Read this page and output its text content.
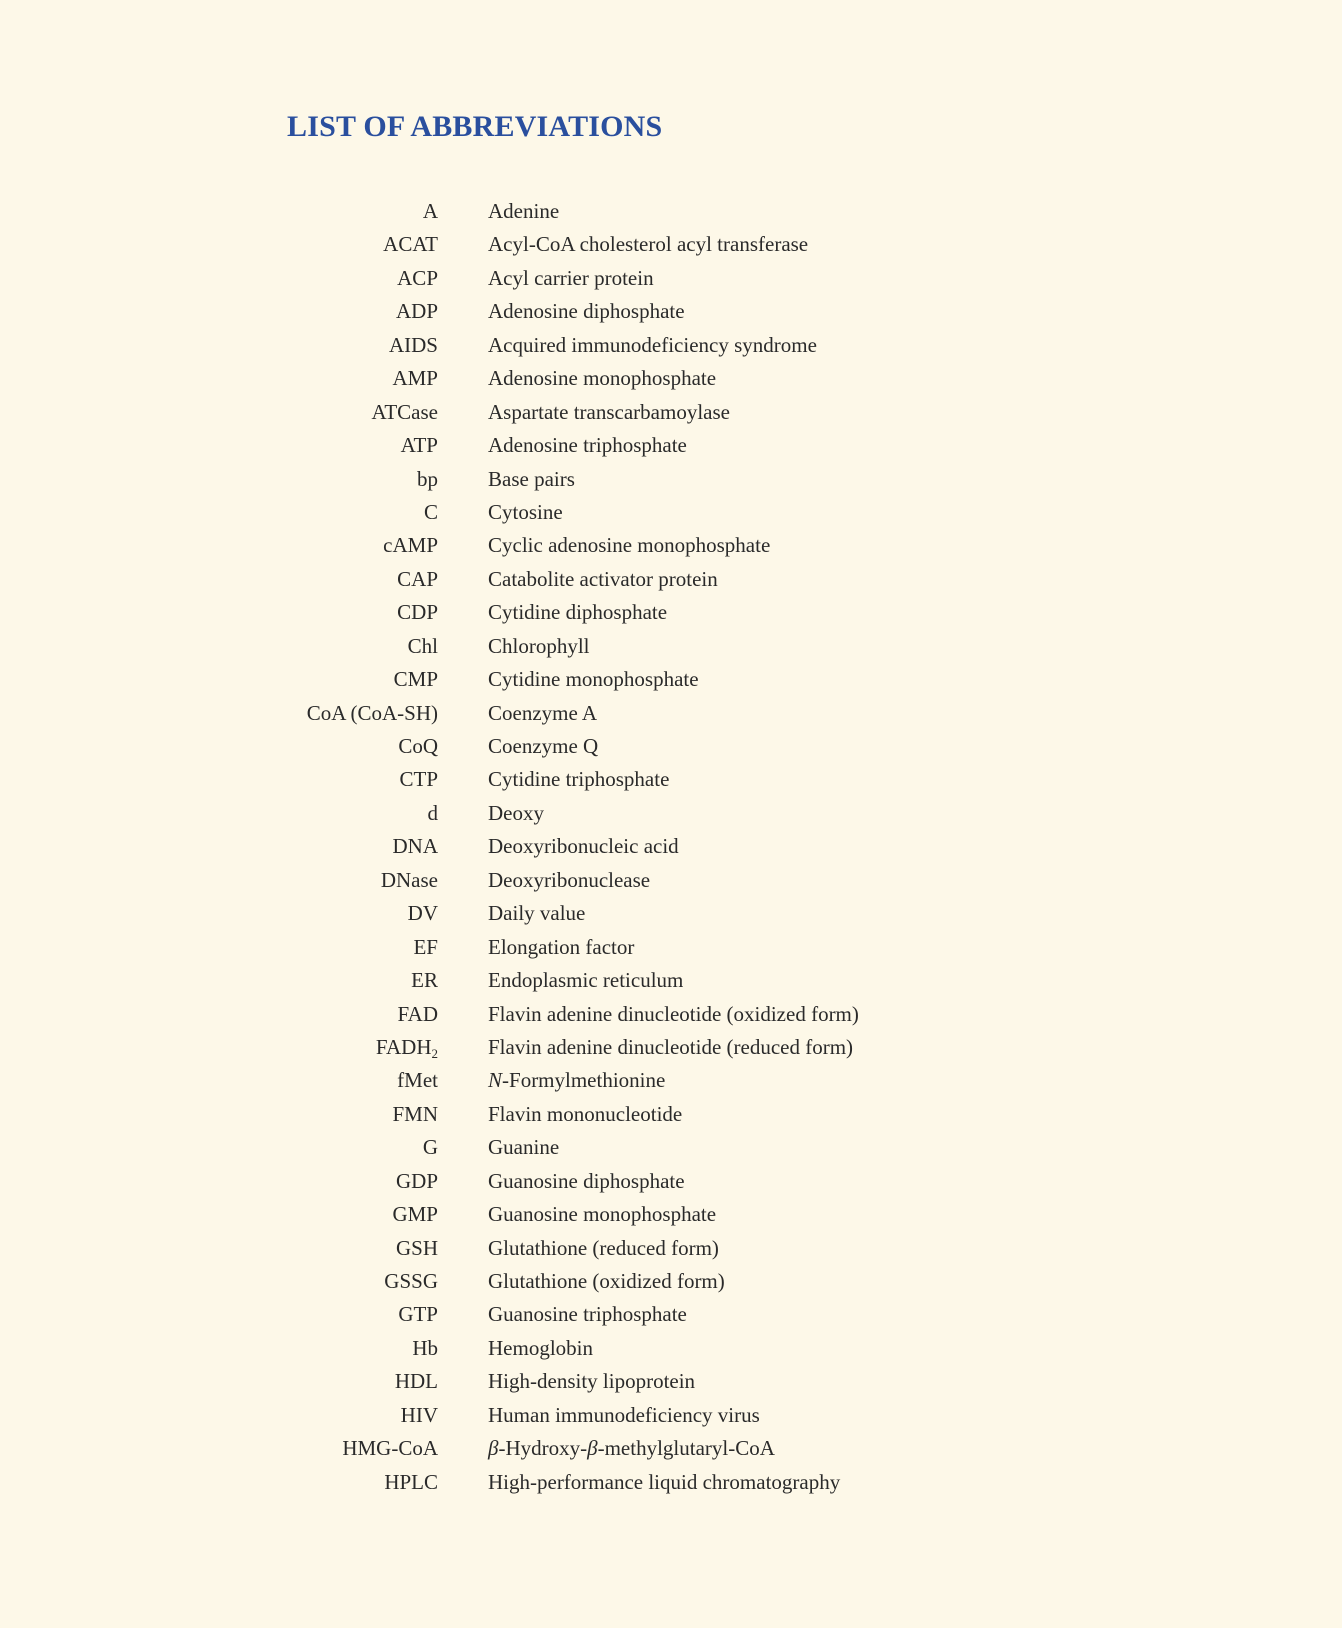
LIST OF ABBREVIATIONS
A Adenine
ACAT Acyl-CoA cholesterol acyl transferase
ACP Acyl carrier protein
ADP Adenosine diphosphate
AIDS Acquired immunodeficiency syndrome
AMP Adenosine monophosphate
ATCase Aspartate transcarbamoylase
ATP Adenosine triphosphate
bp Base pairs
C Cytosine
cAMP Cyclic adenosine monophosphate
CAP Catabolite activator protein
CDP Cytidine diphosphate
Chl Chlorophyll
CMP Cytidine monophosphate
CoA (CoA-SH) Coenzyme A
CoQ Coenzyme Q
CTP Cytidine triphosphate
d Deoxy
DNA Deoxyribonucleic acid
DNase Deoxyribonuclease
DV Daily value
EF Elongation factor
ER Endoplasmic reticulum
FAD Flavin adenine dinucleotide (oxidized form)
$FADH_2$ Flavin adenine dinucleotide (reduced form)
fMet N-Formylmethionine
FMN Flavin mononucleotide
G Guanine
GDP Guanosine diphosphate
GMP Guanosine monophosphate
GSH Glutathione (reduced form)
GSSG Glutathione (oxidized form)
GTP Guanosine triphosphate
Hb Hemoglobin
HDL High-density lipoprotein
HIV Human immunodeficiency virus
HMG-CoA β-Hydroxy-β-methylglutaryl-CoA
HPLC High-performance liquid chromatography
